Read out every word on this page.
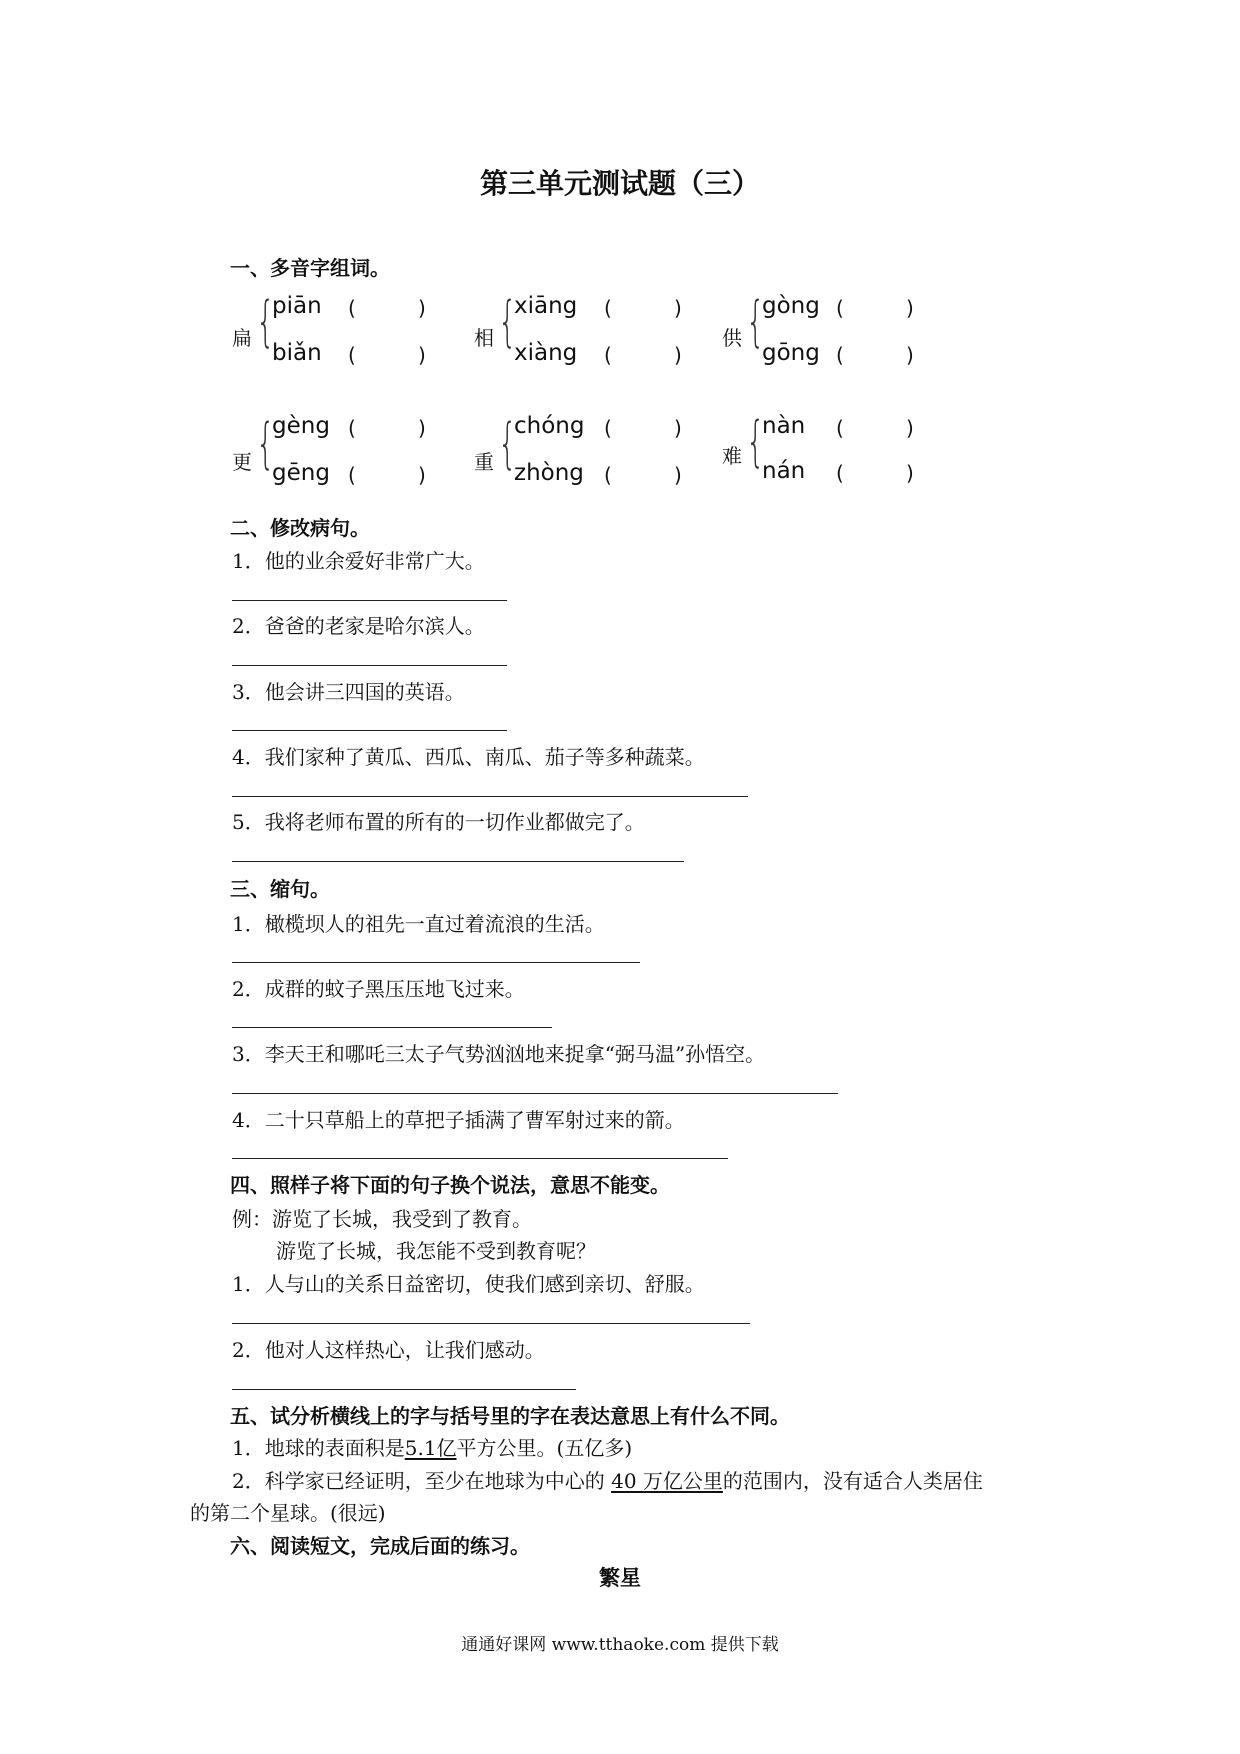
第三单元测试题（三）
一、多音字组词。
扁 {
piān (	)
biǎn (	)
相 {
xiāng (	)
xiàng (	)
供 {
gòng (	)
gōng (	)
更 {
gèng (	)
gēng (	)
重 {
chóng (	)
zhòng (	)
难 {
nàn (	)
nán (	)
二、修改病句。
1．他的业余爱好非常广大。
2．爸爸的老家是哈尔滨人。
3．他会讲三四国的英语。
4．我们家种了黄瓜、西瓜、南瓜、茄子等多种蔬菜。
5．我将老师布置的所有的一切作业都做完了。
三、缩句。
1．橄榄坝人的祖先一直过着流浪的生活。
2．成群的蚊子黑压压地飞过来。
3．李天王和哪吒三太子气势汹汹地来捉拿“弼马温”孙悟空。
4．二十只草船上的草把子插满了曹军射过来的箭。
四、照样子将下面的句子换个说法，意思不能变。
例：游览了长城，我受到了教育。
游览了长城，我怎能不受到教育呢？
1．人与山的关系日益密切，使我们感到亲切、舒服。
2．他对人这样热心，让我们感动。
五、试分析横线上的字与括号里的字在表达意思上有什么不同。
1．地球的表面积是5.1亿平方公里。(五亿多)
2．科学家已经证明，至少在地球为中心的 40 万亿公里的范围内，没有适合人类居住
的第二个星球。(很远)
六、阅读短文，完成后面的练习。
繁星
通通好课网 www.tthaoke.com 提供下载
